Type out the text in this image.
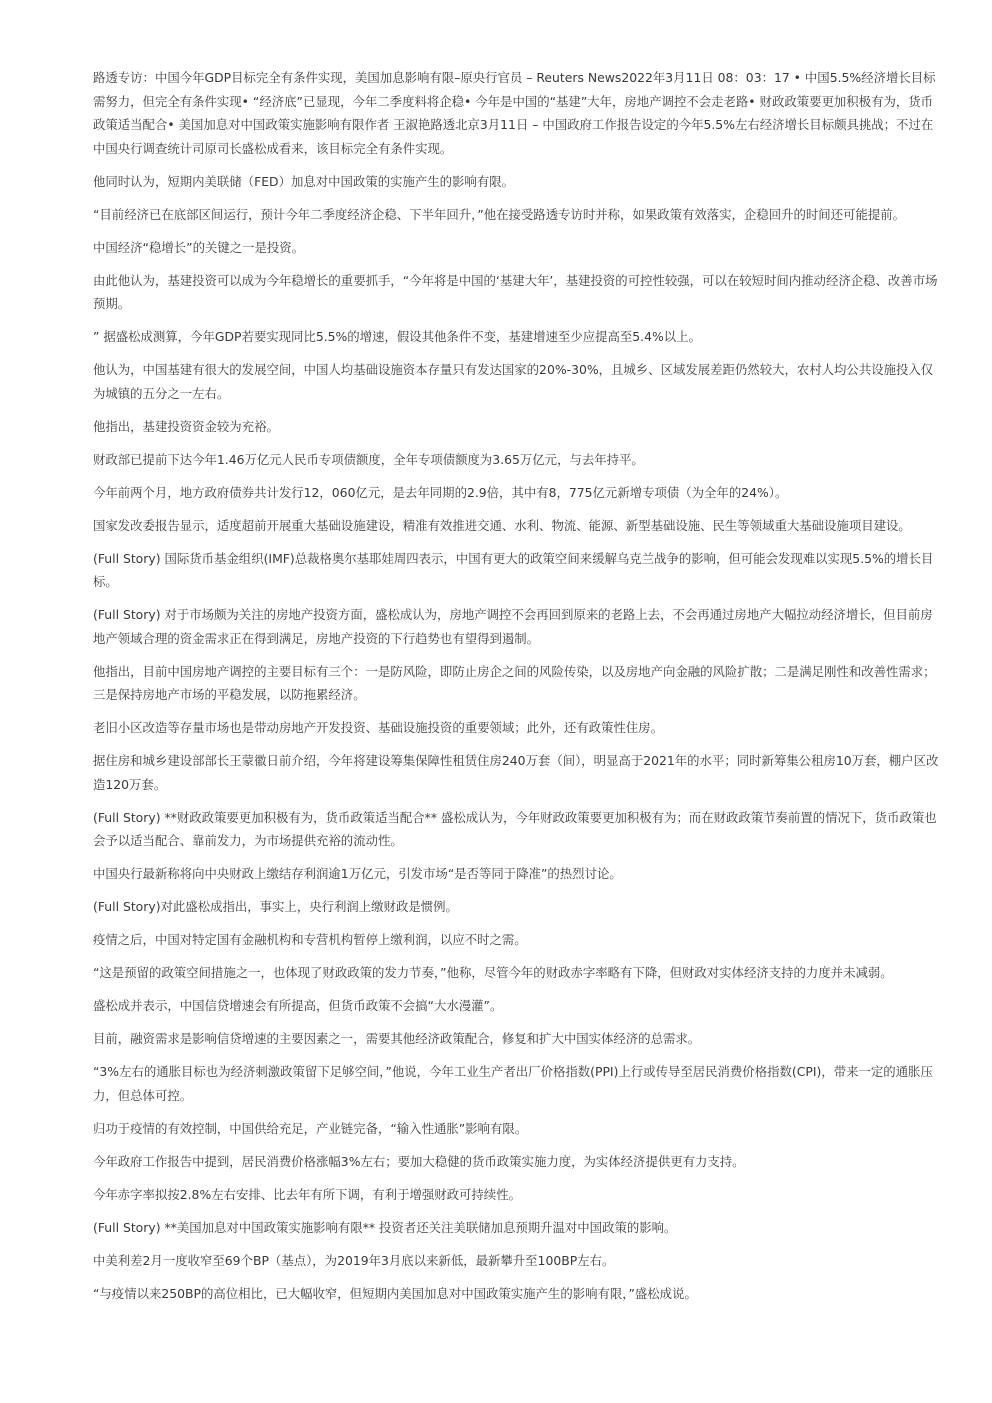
路透专访：中国今年GDP目标完全有条件实现，美国加息影响有限–原央行官员 – Reuters News2022年3月11日 08：03：17 • 中国5.5%经济增长目标需努力，但完全有条件实现• “经济底”已显现，今年二季度料将企稳• 今年是中国的“基建”大年，房地产调控不会走老路• 财政政策要更加积极有为，货币政策适当配合• 美国加息对中国政策实施影响有限作者 王淑艳路透北京3月11日 – 中国政府工作报告设定的今年5.5%左右经济增长目标颇具挑战；不过在中国央行调查统计司原司长盛松成看来，该目标完全有条件实现。

他同时认为，短期内美联储（FED）加息对中国政策的实施产生的影响有限。

“目前经济已在底部区间运行，预计今年二季度经济企稳、下半年回升，”他在接受路透专访时并称，如果政策有效落实，企稳回升的时间还可能提前。

中国经济“稳增长”的关键之一是投资。

由此他认为，基建投资可以成为今年稳增长的重要抓手，“今年将是中国的‘基建大年’，基建投资的可控性较强，可以在较短时间内推动经济企稳、改善市场预期。

” 据盛松成测算，今年GDP若要实现同比5.5%的增速，假设其他条件不变，基建增速至少应提高至5.4%以上。

他认为，中国基建有很大的发展空间，中国人均基础设施资本存量只有发达国家的20%-30%，且城乡、区域发展差距仍然较大，农村人均公共设施投入仅为城镇的五分之一左右。

他指出，基建投资资金较为充裕。

财政部已提前下达今年1.46万亿元人民币专项债额度，全年专项债额度为3.65万亿元，与去年持平。

今年前两个月，地方政府债券共计发行12，060亿元，是去年同期的2.9倍，其中有8，775亿元新增专项债（为全年的24%）。

国家发改委报告显示，适度超前开展重大基础设施建设，精准有效推进交通、水利、物流、能源、新型基础设施、民生等领域重大基础设施项目建设。

(Full Story) 国际货币基金组织(IMF)总裁格奥尔基耶娃周四表示，中国有更大的政策空间来缓解乌克兰战争的影响，但可能会发现难以实现5.5%的增长目标。

(Full Story) 对于市场颇为关注的房地产投资方面，盛松成认为，房地产调控不会再回到原来的老路上去，不会再通过房地产大幅拉动经济增长，但目前房地产领域合理的资金需求正在得到满足，房地产投资的下行趋势也有望得到遏制。

他指出，目前中国房地产调控的主要目标有三个：一是防风险，即防止房企之间的风险传染，以及房地产向金融的风险扩散；二是满足刚性和改善性需求；三是保持房地产市场的平稳发展，以防拖累经济。

老旧小区改造等存量市场也是带动房地产开发投资、基础设施投资的重要领域；此外，还有政策性住房。

据住房和城乡建设部部长王蒙徽日前介绍，今年将建设筹集保障性租赁住房240万套（间），明显高于2021年的水平；同时新筹集公租房10万套，棚户区改造120万套。

(Full Story) **财政政策要更加积极有为，货币政策适当配合** 盛松成认为，今年财政政策要更加积极有为；而在财政政策节奏前置的情况下，货币政策也会予以适当配合、靠前发力，为市场提供充裕的流动性。

中国央行最新称将向中央财政上缴结存利润逾1万亿元，引发市场“是否等同于降准”的热烈讨论。

(Full Story)对此盛松成指出，事实上，央行利润上缴财政是惯例。

疫情之后，中国对特定国有金融机构和专营机构暂停上缴利润，以应不时之需。

“这是预留的政策空间措施之一，也体现了财政政策的发力节奏，”他称，尽管今年的财政赤字率略有下降，但财政对实体经济支持的力度并未减弱。

盛松成并表示，中国信贷增速会有所提高，但货币政策不会搞“大水漫灌”。

目前，融资需求是影响信贷增速的主要因素之一，需要其他经济政策配合，修复和扩大中国实体经济的总需求。

“3%左右的通胀目标也为经济刺激政策留下足够空间，”他说，今年工业生产者出厂价格指数(PPI)上行或传导至居民消费价格指数(CPI)，带来一定的通胀压力，但总体可控。

归功于疫情的有效控制，中国供给充足，产业链完备，“输入性通胀”影响有限。

今年政府工作报告中提到，居民消费价格涨幅3%左右；要加大稳健的货币政策实施力度，为实体经济提供更有力支持。

今年赤字率拟按2.8%左右安排、比去年有所下调，有利于增强财政可持续性。

(Full Story) **美国加息对中国政策实施影响有限** 投资者还关注美联储加息预期升温对中国政策的影响。

中美利差2月一度收窄至69个BP（基点），为2019年3月底以来新低，最新攀升至100BP左右。

“与疫情以来250BP的高位相比，已大幅收窄，但短期内美国加息对中国政策实施产生的影响有限，”盛松成说。
